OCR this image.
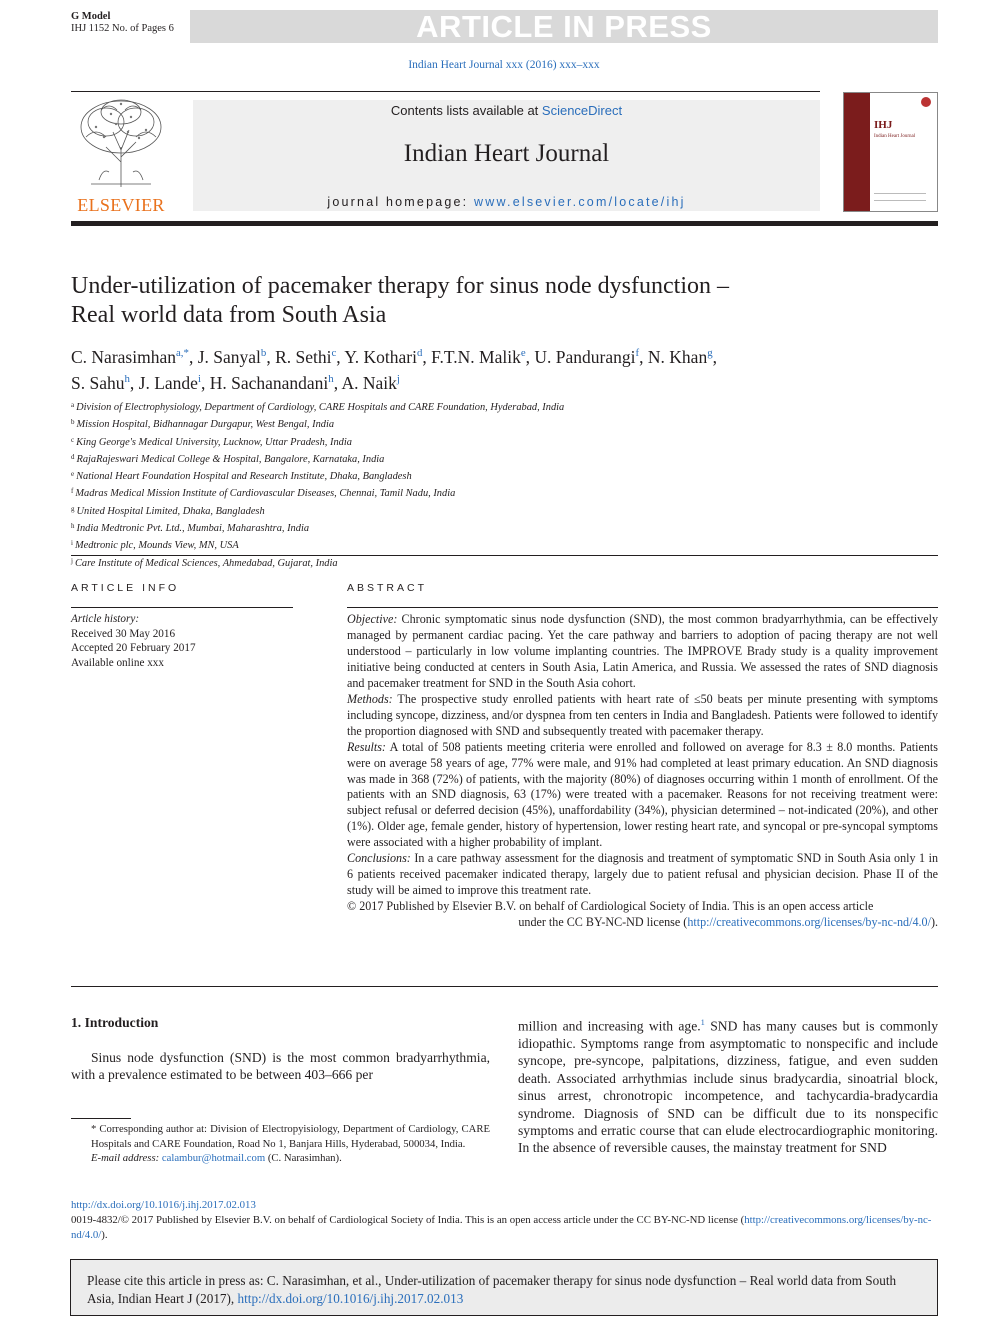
G Model
IHJ 1152 No. of Pages 6	ARTICLE IN PRESS
Indian Heart Journal xxx (2016) xxx–xxx
ELSEVIER
Contents lists available at ScienceDirect
Indian Heart Journal
journal homepage: www.elsevier.com/locate/ihj
IHJ
Indian Heart Journal
Under-utilization of pacemaker therapy for sinus node dysfunction –
Real world data from South Asia
C. Narasimhan$^{a,*}$, J. Sanyal$^b$, R. Sethi$^c$, Y. Kothari$^d$, F.T.N. Malik$^e$, U. Pandurangi$^f$, N. Khan$^g$,
S. Sahu$^h$, J. Lande$^i$, H. Sachanandani$^h$, A. Naik$^j$
$^a$ Division of Electrophysiology, Department of Cardiology, CARE Hospitals and CARE Foundation, Hyderabad, India
$^b$ Mission Hospital, Bidhannagar Durgapur, West Bengal, India
$^c$ King George's Medical University, Lucknow, Uttar Pradesh, India
$^d$ RajaRajeswari Medical College & Hospital, Bangalore, Karnataka, India
$^e$ National Heart Foundation Hospital and Research Institute, Dhaka, Bangladesh
$^f$ Madras Medical Mission Institute of Cardiovascular Diseases, Chennai, Tamil Nadu, India
$^g$ United Hospital Limited, Dhaka, Bangladesh
$^h$ India Medtronic Pvt. Ltd., Mumbai, Maharashtra, India
$^i$ Medtronic plc, Mounds View, MN, USA
$^j$ Care Institute of Medical Sciences, Ahmedabad, Gujarat, India
ARTICLE INFO
Article history:
Received 30 May 2016
Accepted 20 February 2017
Available online xxx
ABSTRACT

Objective: Chronic symptomatic sinus node dysfunction (SND), the most common bradyarrhythmia, can be effectively managed by permanent cardiac pacing. Yet the care pathway and barriers to adoption of pacing therapy are not well understood – particularly in low volume implanting countries. The IMPROVE Brady study is a quality improvement initiative being conducted at centers in South Asia, Latin America, and Russia. We assessed the rates of SND diagnosis and pacemaker treatment for SND in the South Asia cohort.

Methods: The prospective study enrolled patients with heart rate of ≤50 beats per minute presenting with symptoms including syncope, dizziness, and/or dyspnea from ten centers in India and Bangladesh. Patients were followed to identify the proportion diagnosed with SND and subsequently treated with pacemaker therapy.

Results: A total of 508 patients meeting criteria were enrolled and followed on average for 8.3 ± 8.0 months. Patients were on average 58 years of age, 77% were male, and 91% had completed at least primary education. An SND diagnosis was made in 368 (72%) of patients, with the majority (80%) of diagnoses occurring within 1 month of enrollment. Of the patients with an SND diagnosis, 63 (17%) were treated with a pacemaker. Reasons for not receiving treatment were: subject refusal or deferred decision (45%), unaffordability (34%), physician determined – not-indicated (20%), and other (1%). Older age, female gender, history of hypertension, lower resting heart rate, and syncopal or pre-syncopal symptoms were associated with a higher probability of implant.

Conclusions: In a care pathway assessment for the diagnosis and treatment of symptomatic SND in South Asia only 1 in 6 patients received pacemaker indicated therapy, largely due to patient refusal and physician decision. Phase II of the study will be aimed to improve this treatment rate.

© 2017 Published by Elsevier B.V. on behalf of Cardiological Society of India. This is an open access article

under the CC BY-NC-ND license (http://creativecommons.org/licenses/by-nc-nd/4.0/).

1. Introduction

Sinus node dysfunction (SND) is the most common bradyarrhythmia, with a prevalence estimated to be between 403–666 per

* Corresponding author at: Division of Electropyisiology, Department of Cardiology, CARE Hospitals and CARE Foundation, Road No 1, Banjara Hills, Hyderabad, 500034, India.
E-mail address: calambur@hotmail.com (C. Narasimhan).

million and increasing with age.$^1$ SND has many causes but is commonly idiopathic. Symptoms range from asymptomatic to nonspecific and include syncope, pre-syncope, palpitations, dizziness, fatigue, and even sudden death. Associated arrhythmias include sinus bradycardia, sinoatrial block, sinus arrest, chronotropic incompetence, and tachycardia-bradycardia syndrome. Diagnosis of SND can be difficult due to its nonspecific symptoms and erratic course that can elude electrocardiographic monitoring. In the absence of reversible causes, the mainstay treatment for SND

http://dx.doi.org/10.1016/j.ihj.2017.02.013
0019-4832/© 2017 Published by Elsevier B.V. on behalf of Cardiological Society of India. This is an open access article under the CC BY-NC-ND license (http://creativecommons.org/licenses/by-nc-nd/4.0/).
Please cite this article in press as: C. Narasimhan, et al., Under-utilization of pacemaker therapy for sinus node dysfunction – Real world data from South Asia, Indian Heart J (2017), http://dx.doi.org/10.1016/j.ihj.2017.02.013
